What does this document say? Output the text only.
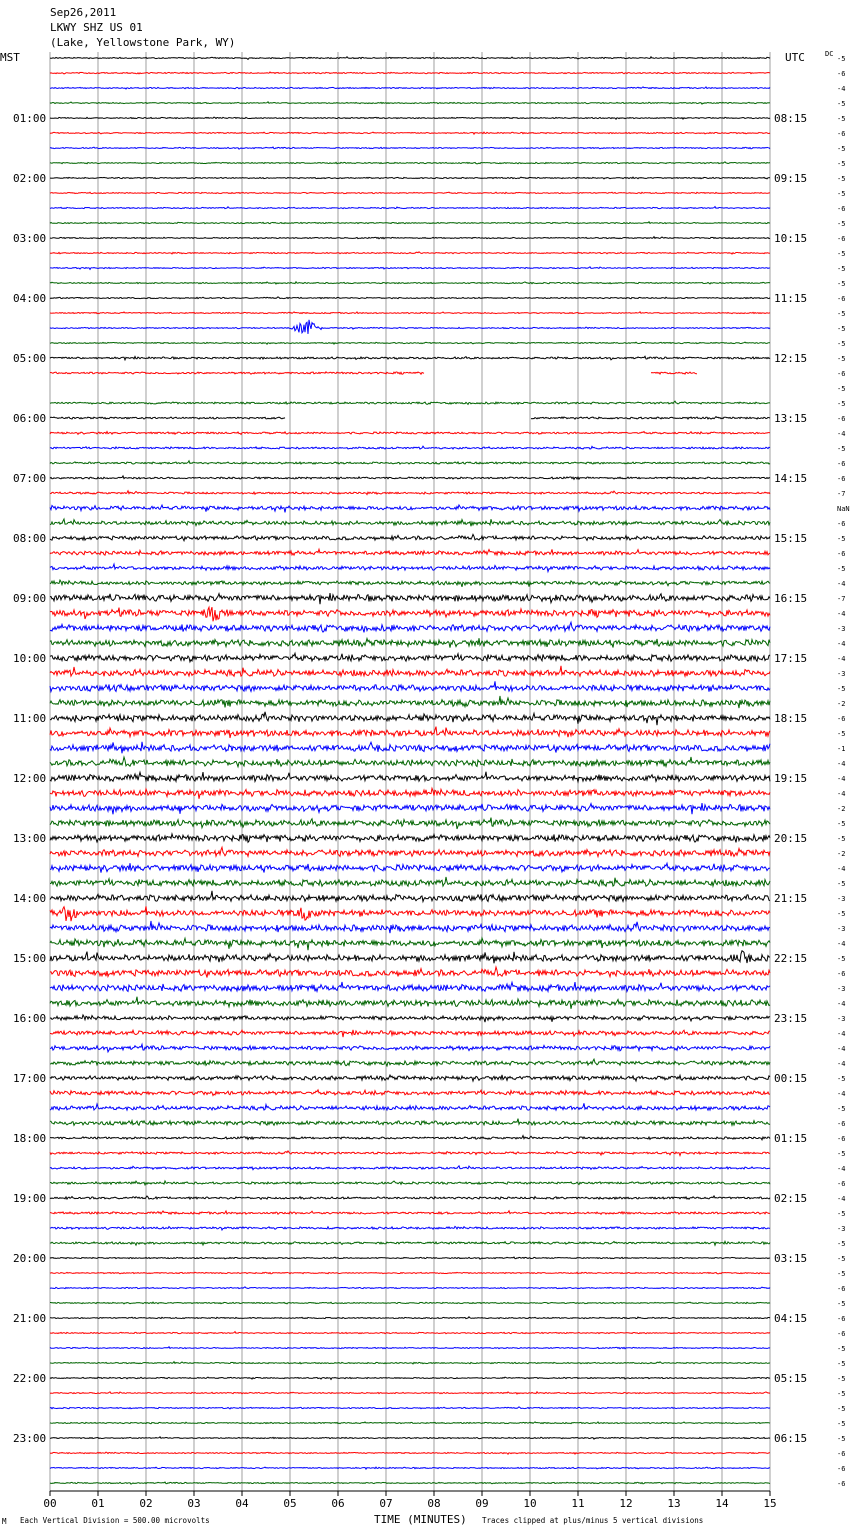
Sep26,2011
LKWY SHZ US 01
(Lake, Yellowstone Park, WY)
MST	UTC	DC
-5
-6
-4
-5
-5
-6
-5
-5
-5
-5
-6
-5
-6
-5
-5
-5
-6
-5
-5
-5
-5
-6
-5
-5
-6
-4
-5
-6
-6
-7
NaN
-6
-5
-6
-5
-4
-7
-4
-3
-4
-4
-3
-5
-2
-6
-5
-1
-4
-4
-4
-2
-5
-5
-2
-4
-5
-3
-5
-3
-4
-5
-6
-3
-4
-3
-4
-4
-4
-5
-4
-5
-6
-6
-5
-4
-6
-4
-5
-3
-5
-5
-5
-6
-5
-6
-6
-5
-5
-5
-5
-5
-5
-5
-6
-6
-6
01:00	08:15
02:00	09:15
03:00	10:15
04:00	11:15
05:00	12:15
06:00	13:15
07:00	14:15
08:00	15:15
09:00	16:15
10:00	17:15
11:00	18:15
12:00	19:15
13:00	20:15
14:00	21:15
15:00	22:15
16:00	23:15
17:00	00:15
18:00	01:15
19:00	02:15
20:00	03:15
21:00	04:15
22:00	05:15
23:00	06:15
00	01	02	03	04	05	06	07	08	09	10	11	12	13	14	15
M Each Vertical Division = 500.00 microvolts	TIME (MINUTES) Traces clipped at plus/minus 5 vertical divisions
